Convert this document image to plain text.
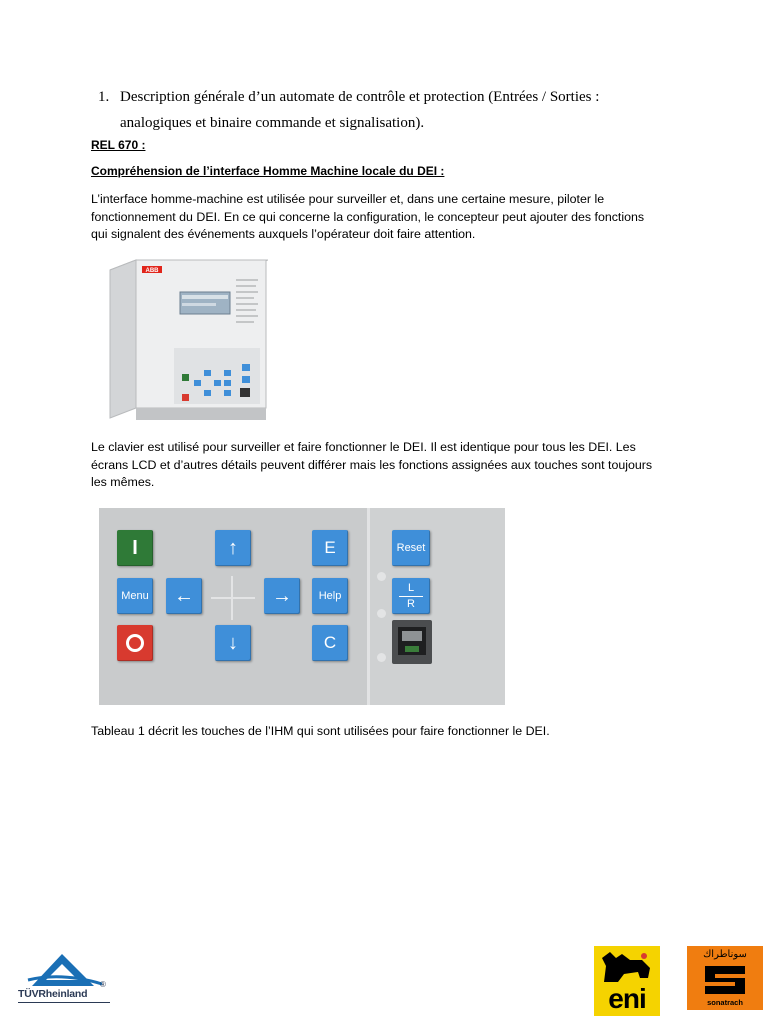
1. Description générale d’un automate de contrôle et protection (Entrées / Sorties :
analogiques et binaire commande et signalisation).
REL 670 :
Compréhension de l’interface Homme Machine locale du DEI :
L’interface homme-machine est utilisée pour surveiller et, dans une certaine mesure, piloter le
fonctionnement du DEI. En ce qui concerne la configuration, le concepteur peut ajouter des fonctions
qui signalent des événements auxquels l’opérateur doit faire attention.
ABB
Le clavier est utilisé pour surveiller et faire fonctionner le DEI. Il est identique pour tous les DEI. Les
écrans LCD et d’autres détails peuvent différer mais les fonctions assignées aux touches sont toujours
les mêmes.
I
Menu
↑
←	→
↓
E
Help
C
Reset
L
R
Tableau 1 décrit les touches de l’IHM qui sont utilisées pour faire fonctionner le DEI.
TÜVRheinland
®	eni
سوناطراك
sonatrach
